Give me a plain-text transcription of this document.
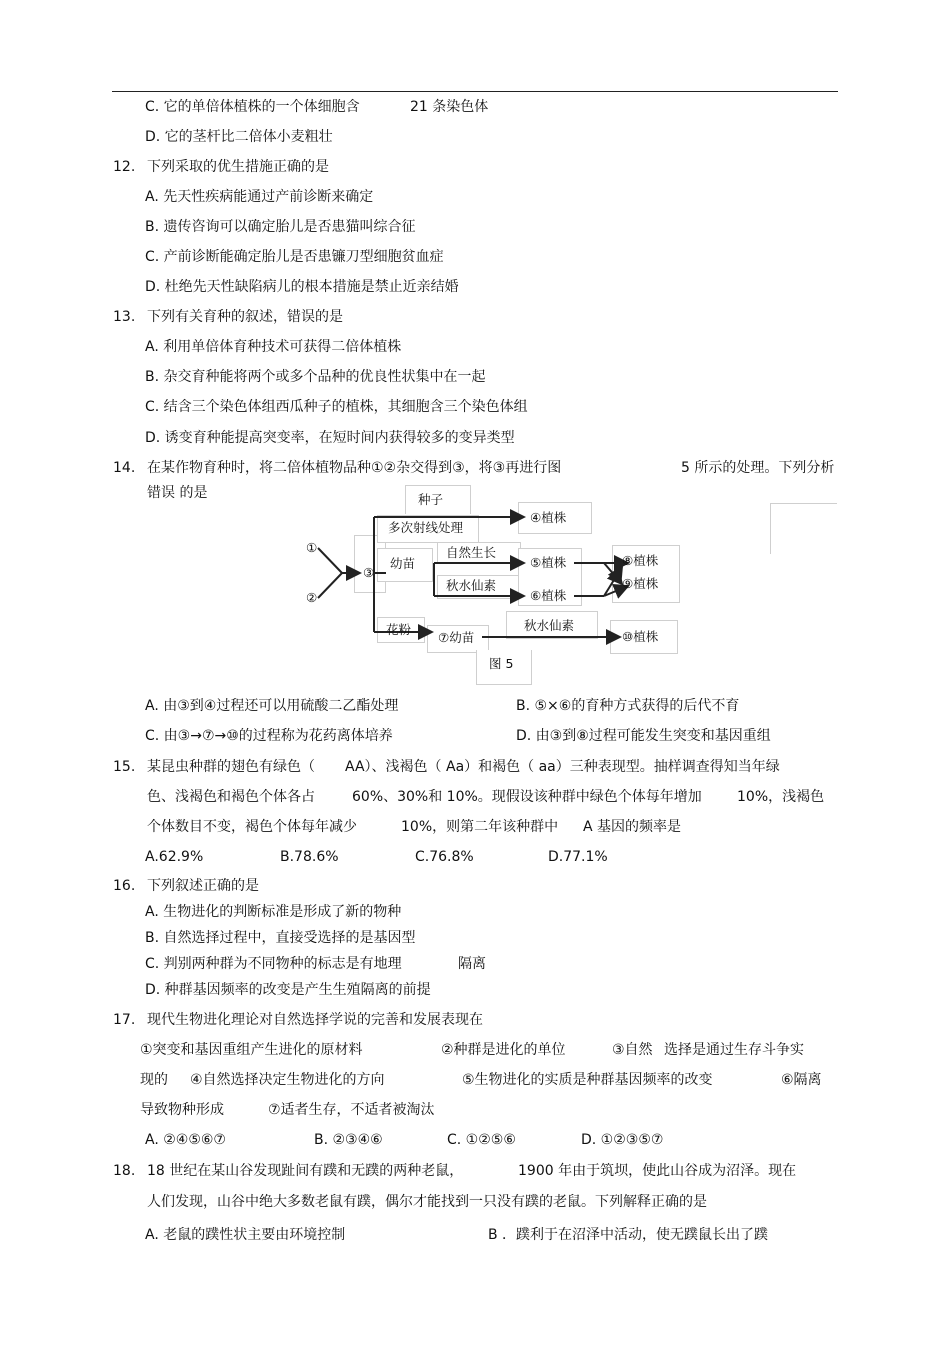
C. 它的单倍体植株的一个体细胞含	21 条染色体
D. 它的茎杆比二倍体小麦粗壮
12. 下列采取的优生措施正确的是
A. 先天性疾病能通过产前诊断来确定
B. 遗传咨询可以确定胎儿是否患猫叫综合征
C. 产前诊断能确定胎儿是否患镰刀型细胞贫血症
D. 杜绝先天性缺陷病儿的根本措施是禁止近亲结婚
13. 下列有关育种的叙述，错误的是
A. 利用单倍体育种技术可获得二倍体植株
B. 杂交育种能将两个或多个品种的优良性状集中在一起
C. 结含三个染色体组西瓜种子的植株，其细胞含三个染色体组
D. 诱变育种能提高突变率，在短时间内获得较多的变异类型
14. 在某作物育种时，将二倍体植物品种①②杂交得到③，将③再进行图	5 所示的处理。下列分析
错误 的是
①
②
③
种子
多次射线处理
④植株
幼苗
自然生长
秋水仙素
⑤植株
⑥植株
⑧植株
⑨植株
花粉
⑦幼苗
秋水仙素
⑩植株
图 5
A. 由③到④过程还可以用硫酸二乙酯处理	B. ⑤×⑥的育种方式获得的后代不育
C. 由③→⑦→⑩的过程称为花药离体培养	D. 由③到⑧过程可能发生突变和基因重组
15. 某昆虫种群的翅色有绿色（ AA）、浅褐色（ Aa）和褐色（ aa）三种表现型。抽样调查得知当年绿
色、浅褐色和褐色个体各占	60%、30%和 10%。现假设该种群中绿色个体每年增加	10%，浅褐色
个体数目不变，褐色个体每年减少	10%，则第二年该种群中 A 基因的频率是
A.62.9%	B.78.6%	C.76.8%	D.77.1%
16. 下列叙述正确的是
A. 生物进化的判断标准是形成了新的物种
B. 自然选择过程中，直接受选择的是基因型
C. 判别两种群为不同物种的标志是有地理	隔离
D. 种群基因频率的改变是产生生殖隔离的前提
17. 现代生物进化理论对自然选择学说的完善和发展表现在
①突变和基因重组产生进化的原材料	②种群是进化的单位	③自然 选择是通过生存斗争实
现的 ④自然选择决定生物进化的方向	⑤生物进化的实质是种群基因频率的改变	⑥隔离
导致物种形成	⑦适者生存，不适者被淘汰
A. ②④⑤⑥⑦	B. ②③④⑥	C. ①②⑤⑥	D. ①②③⑤⑦
18. 18 世纪在某山谷发现趾间有蹼和无蹼的两种老鼠，	1900 年由于筑坝，使此山谷成为沼泽。现在
人们发现，山谷中绝大多数老鼠有蹼，偶尔才能找到一只没有蹼的老鼠。下列解释正确的是
A. 老鼠的蹼性状主要由环境控制	B ．蹼利于在沼泽中活动，使无蹼鼠长出了蹼
